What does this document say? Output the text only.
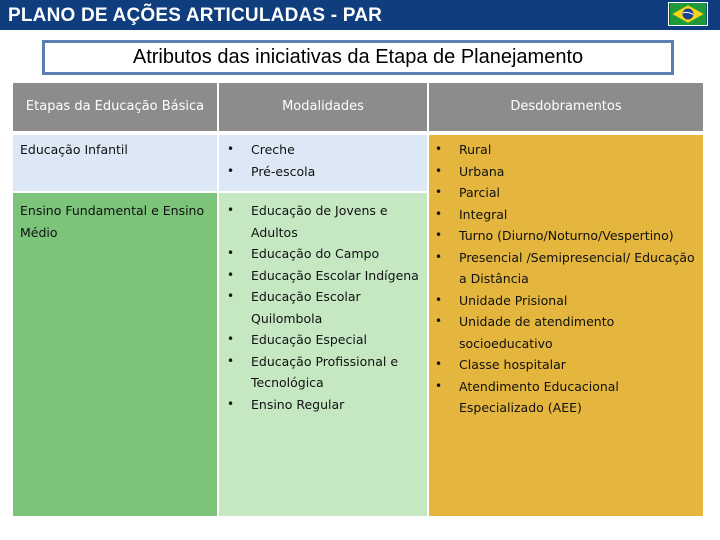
PLANO DE AÇÕES ARTICULADAS - PAR
Atributos das iniciativas da Etapa de Planejamento
Etapas da Educação Básica	Modalidades	Desdobramentos
Educação Infantil
•	Creche
• Pré-escola
Ensino Fundamental e Ensino Médio
• Educação de Jovens e Adultos
• Educação do Campo
• Educação Escolar Indígena
• Educação Escolar Quilombola
• Educação Especial
• Educação Profissional e Tecnológica
• Ensino Regular
• Rural
• Urbana
• Parcial
• Integral
• Turno (Diurno/Noturno/Vespertino)
• Presencial /Semipresencial/ Educação a Distância
• Unidade Prisional
• Unidade de atendimento socioeducativo
• Classe hospitalar
• Atendimento Educacional Especializado (AEE)
